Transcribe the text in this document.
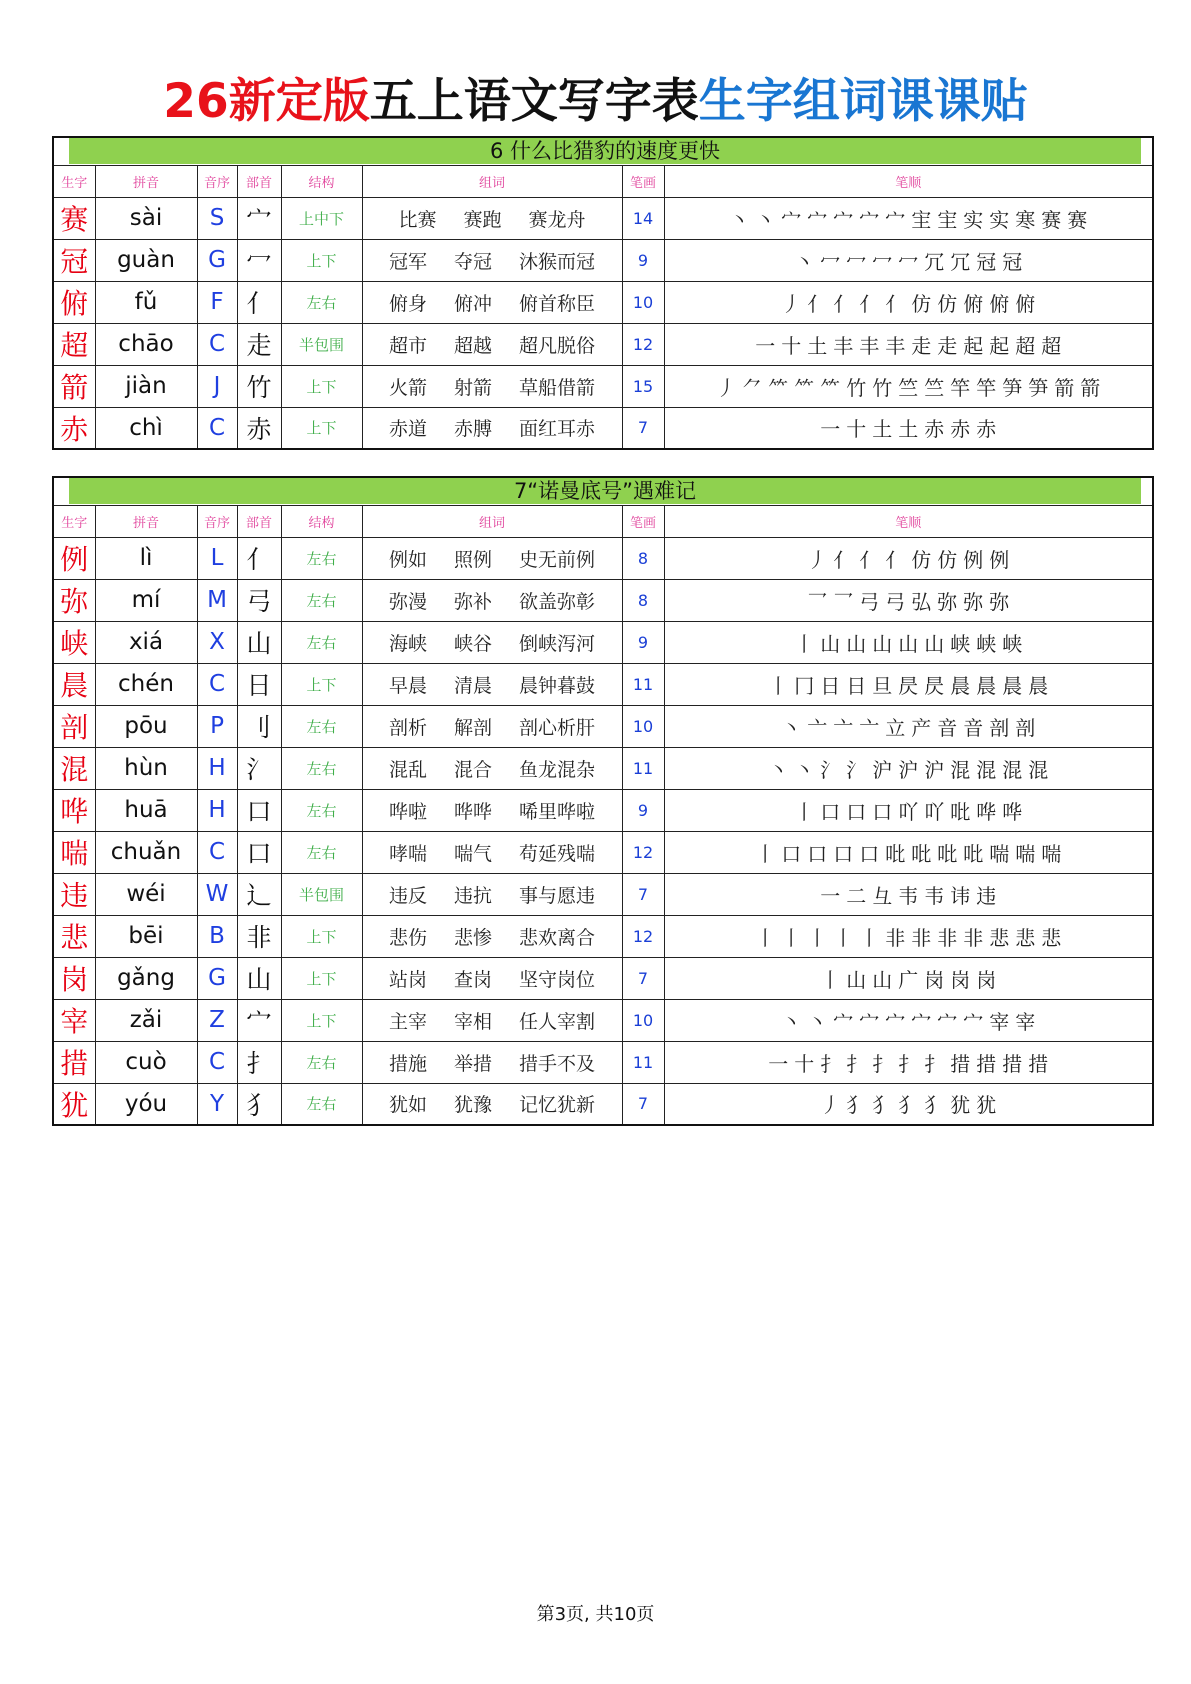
26新定版五上语文写字表生字组词课课贴
6 什么比猎豹的速度更快							

生字	拼音	音序	部首	结构	组词	笔画	笔顺
赛	sài	S	宀	上中下	比赛 赛跑 赛龙舟	14	丶 丶 宀 宀 宀 宀 宀 宔 宔 实 实 寒 赛 赛
冠	guàn	G	冖	上下	冠军 夺冠 沐猴而冠	9	丶 冖 冖 冖 冖 冗 冗 冠 冠
俯	fǔ	F	亻	左右	俯身 俯冲 俯首称臣	10	丿 亻 亻 亻 亻 仿 仿 俯 俯 俯
超	chāo	C	走	半包围	超市 超越 超凡脱俗	12	一 十 土 丰 丰 丰 走 走 起 起 超 超
箭	jiàn	J	竹	上下	火箭 射箭 草船借箭	15	丿 ⺈ ⺮ ⺮ ⺮ 竹 竹 竺 竺 竿 竿 笋 笋 箭 箭
赤	chì	C	赤	上下	赤道 赤膊 面红耳赤	7	一 十 土 土 赤 赤 赤
7“诺曼底号”遇难记							

生字	拼音	音序	部首	结构	组词	笔画	笔顺
例	lì	L	亻	左右	例如 照例 史无前例	8	丿 亻 亻 亻 仿 仿 例 例
弥	mí	M	弓	左右	弥漫 弥补 欲盖弥彰	8	乛 乛 弓 弓 弘 弥 弥 弥
峡	xiá	X	山	左右	海峡 峡谷 倒峡泻河	9	丨 山 山 山 山 山 峡 峡 峡
晨	chén	C	日	上下	早晨 清晨 晨钟暮鼓	11	丨 冂 日 日 旦 昃 昃 晨 晨 晨 晨
剖	pōu	P	刂	左右	剖析 解剖 剖心析肝	10	丶 亠 亠 亠 立 产 音 音 剖 剖
混	hùn	H	氵	左右	混乱 混合 鱼龙混杂	11	丶 丶 氵 氵 沪 沪 沪 混 混 混 混
哗	huā	H	口	左右	哗啦 哗哗 唏里哗啦	9	丨 口 口 口 吖 吖 吡 哗 哗
喘	chuǎn	C	口	左右	哮喘 喘气 苟延残喘	12	丨 口 口 口 口 吡 吡 吡 吡 喘 喘 喘
违	wéi	W	辶	半包围	违反 违抗 事与愿违	7	一 二 彑 韦 韦 讳 违
悲	bēi	B	非	上下	悲伤 悲惨 悲欢离合	12	丨 丨 丨 丨 丨 非 非 非 非 悲 悲 悲
岗	gǎng	G	山	上下	站岗 查岗 坚守岗位	7	丨 山 山 广 岗 岗 岗
宰	zǎi	Z	宀	上下	主宰 宰相 任人宰割	10	丶 丶 宀 宀 宀 宀 宀 宀 宰 宰
措	cuò	C	扌	左右	措施 举措 措手不及	11	一 十 扌 扌 扌 扌 扌 措 措 措 措
犹	yóu	Y	犭	左右	犹如 犹豫 记忆犹新	7	丿 犭 犭 犭 犭 犹 犹
第3页, 共10页
